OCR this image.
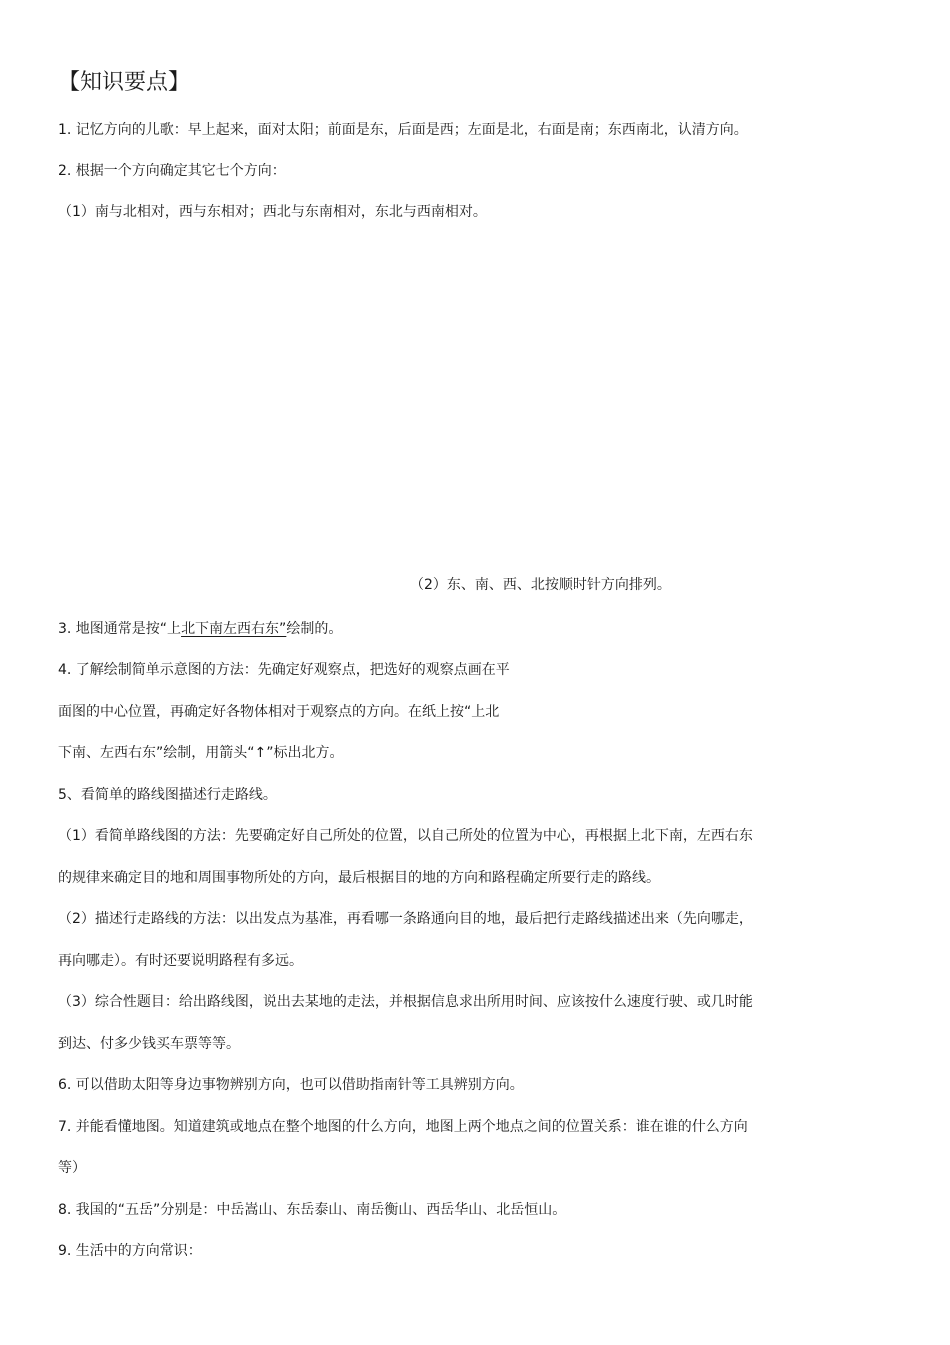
【知识要点】

1. 记忆方向的儿歌：早上起来，面对太阳；前面是东，后面是西；左面是北，右面是南；东西南北，认清方向。

2. 根据一个方向确定其它七个方向：

（1）南与北相对，西与东相对；西北与东南相对，东北与西南相对。

（2）东、南、西、北按顺时针方向排列。

3. 地图通常是按“上北下南左西右东”绘制的。

4. 了解绘制简单示意图的方法：先确定好观察点，把选好的观察点画在平

面图的中心位置，再确定好各物体相对于观察点的方向。在纸上按“上北

下南、左西右东”绘制，用箭头“↑”标出北方。

5、看简单的路线图描述行走路线。

（1）看简单路线图的方法：先要确定好自己所处的位置，以自己所处的位置为中心，再根据上北下南，左西右东

的规律来确定目的地和周围事物所处的方向，最后根据目的地的方向和路程确定所要行走的路线。

（2）描述行走路线的方法：以出发点为基准，再看哪一条路通向目的地，最后把行走路线描述出来（先向哪走，

再向哪走）。有时还要说明路程有多远。

（3）综合性题目：给出路线图，说出去某地的走法，并根据信息求出所用时间、应该按什么速度行驶、或几时能

到达、付多少钱买车票等等。

6. 可以借助太阳等身边事物辨别方向，也可以借助指南针等工具辨别方向。

7. 并能看懂地图。知道建筑或地点在整个地图的什么方向，地图上两个地点之间的位置关系：谁在谁的什么方向

等）

8. 我国的“五岳”分别是：中岳嵩山、东岳泰山、南岳衡山、西岳华山、北岳恒山。

9. 生活中的方向常识：
